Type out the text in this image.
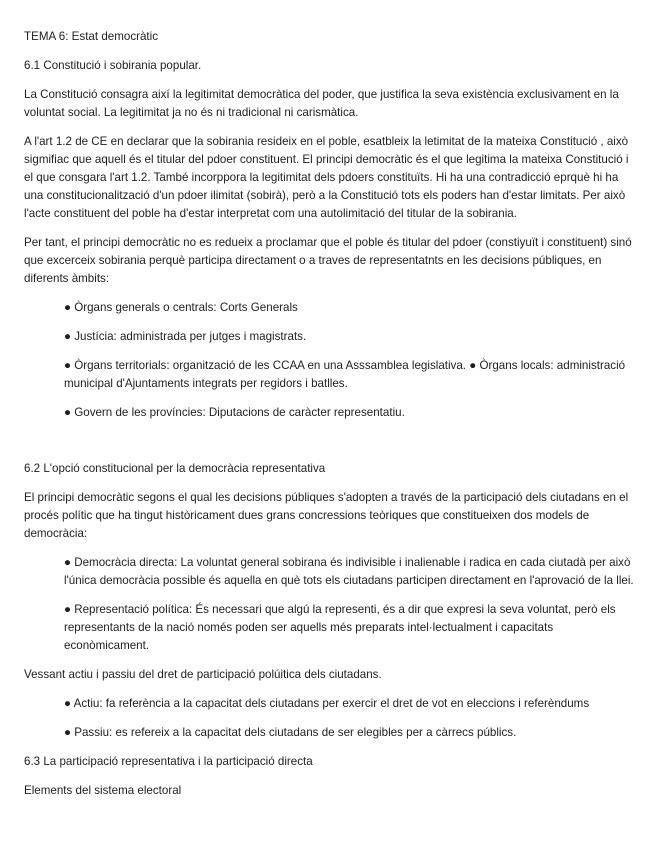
TEMA 6: Estat democràtic

6.1 Constitució i sobirania popular.

La Constitució consagra així la legitimitat democràtica del poder, que justifica la seva existència exclusivament en la voluntat social. La legitimitat ja no és ni tradicional ni carismàtica.

A l'art 1.2 de CE en declarar que la sobirania resideix en el poble, esatbleix la letimitat de la mateixa Constitució , això sigmifiac que aquell és el titular del pdoer constituent. El principi democràtic és el que legitima la mateixa Constitució i el que consgara l'art 1.2. També incorppora la legitimitat dels pdoers constituïts. Hi ha una contradicció eprquè hi ha una constitucionalització d'un pdoer ilimitat (sobirà), però a la Constitució tots els poders han d'estar limitats. Per això l'acte constituent del poble ha d'estar interpretat com una autolimitació del titular de la sobirania.

Per tant, el principi democràtic no es redueix a proclamar que el poble és titular del pdoer (constiyuït i constituent) sinó que excerceix sobirania perquè participa directament o a traves de representatnts en les decisions públiques, en diferents àmbits:

● Òrgans generals o centrals: Corts Generals

● Justícia: administrada per jutges i magistrats.

● Òrgans territorials: organització de les CCAA en una Asssamblea legislativa. ● Òrgans locals: administració municipal d'Ajuntaments integrats per regidors i batlles.

● Govern de les províncies: Diputacions de caràcter representatiu.

6.2 L'opció constitucional per la democràcia representativa

El principi democràtic segons el qual les decisions públiques s'adopten a través de la participació dels ciutadans en el procés polític que ha tingut històricament dues grans concressions teòriques que constitueixen dos models de democràcia:

● Democràcia directa: La voluntat general sobirana és indivisible i inalienable i radica en cada ciutadà per això l'única democràcia possible és aquella en què tots els ciutadans participen directament en l'aprovació de la llei.

● Representació política: És necessari que algú la representi, és a dir que expresi la seva voluntat, però els representants de la nació només poden ser aquells més preparats intel·lectualment i capacitats econòmicament.

Vessant actiu i passiu del dret de participació polúitica dels ciutadans.

● Actiu: fa referència a la capacitat dels ciutadans per exercir el dret de vot en eleccions i referèndums

● Passiu: es refereix a la capacitat dels ciutadans de ser elegibles per a càrrecs públics.

6.3 La participació representativa i la participació directa

Elements del sistema electoral
